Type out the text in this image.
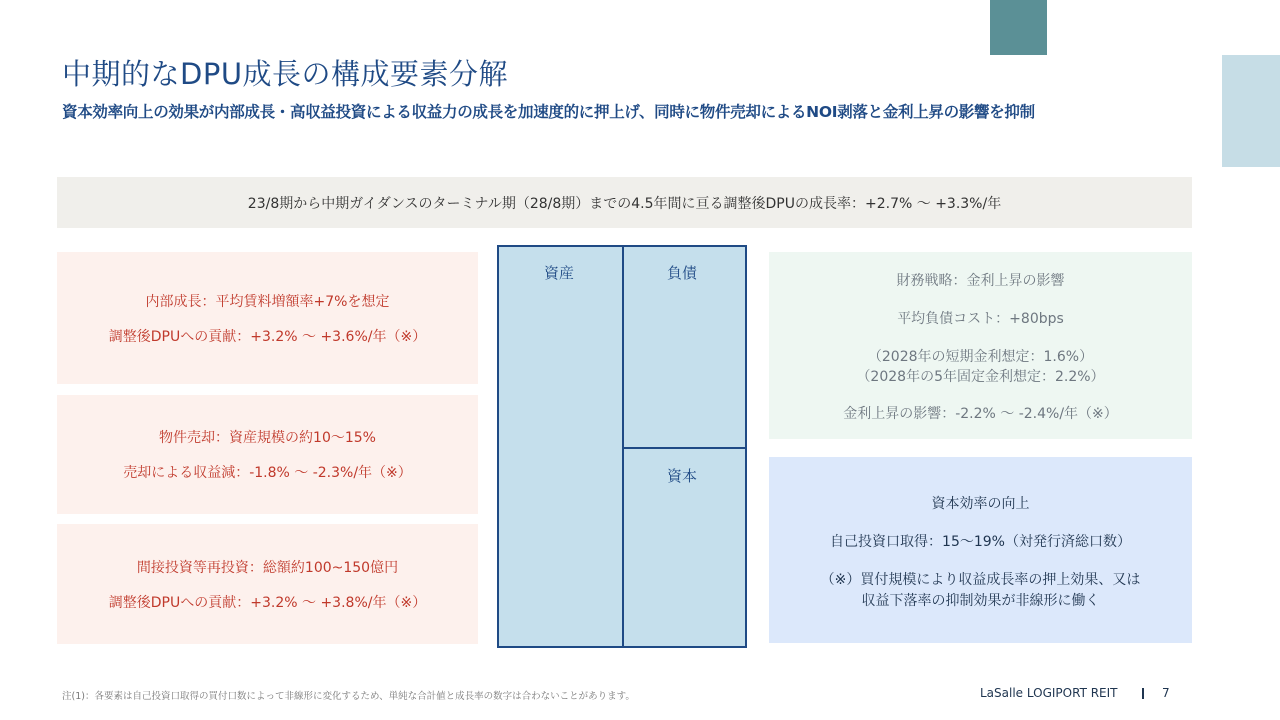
中期的なDPU成長の構成要素分解
資本効率向上の効果が内部成長・高収益投資による収益力の成長を加速度的に押上げ、同時に物件売却によるNOI剥落と金利上昇の影響を抑制
23/8期から中期ガイダンスのターミナル期（28/8期）までの4.5年間に亘る調整後DPUの成長率：+2.7% 〜 +3.3%/年
内部成長：平均賃料増額率+7%を想定
調整後DPUへの貢献：+3.2% 〜 +3.6%/年（※）
物件売却：資産規模の約10〜15%
売却による収益減：-1.8% 〜 -2.3%/年（※）
間接投資等再投資：総額約100~150億円
調整後DPUへの貢献：+3.2% 〜 +3.8%/年（※）
資産	負債
資本
財務戦略：金利上昇の影響
平均負債コスト：+80bps
（2028年の短期金利想定：1.6%）
（2028年の5年固定金利想定：2.2%）
金利上昇の影響：-2.2% 〜 -2.4%/年（※）
資本効率の向上
自己投資口取得：15〜19%（対発行済総口数）
（※）買付規模により収益成長率の押上効果、又は
収益下落率の抑制効果が非線形に働く
注(1)：各要素は自己投資口取得の買付口数によって非線形に変化するため、単純な合計値と成長率の数字は合わないことがあります。	LaSalle LOGIPORT REIT	7
